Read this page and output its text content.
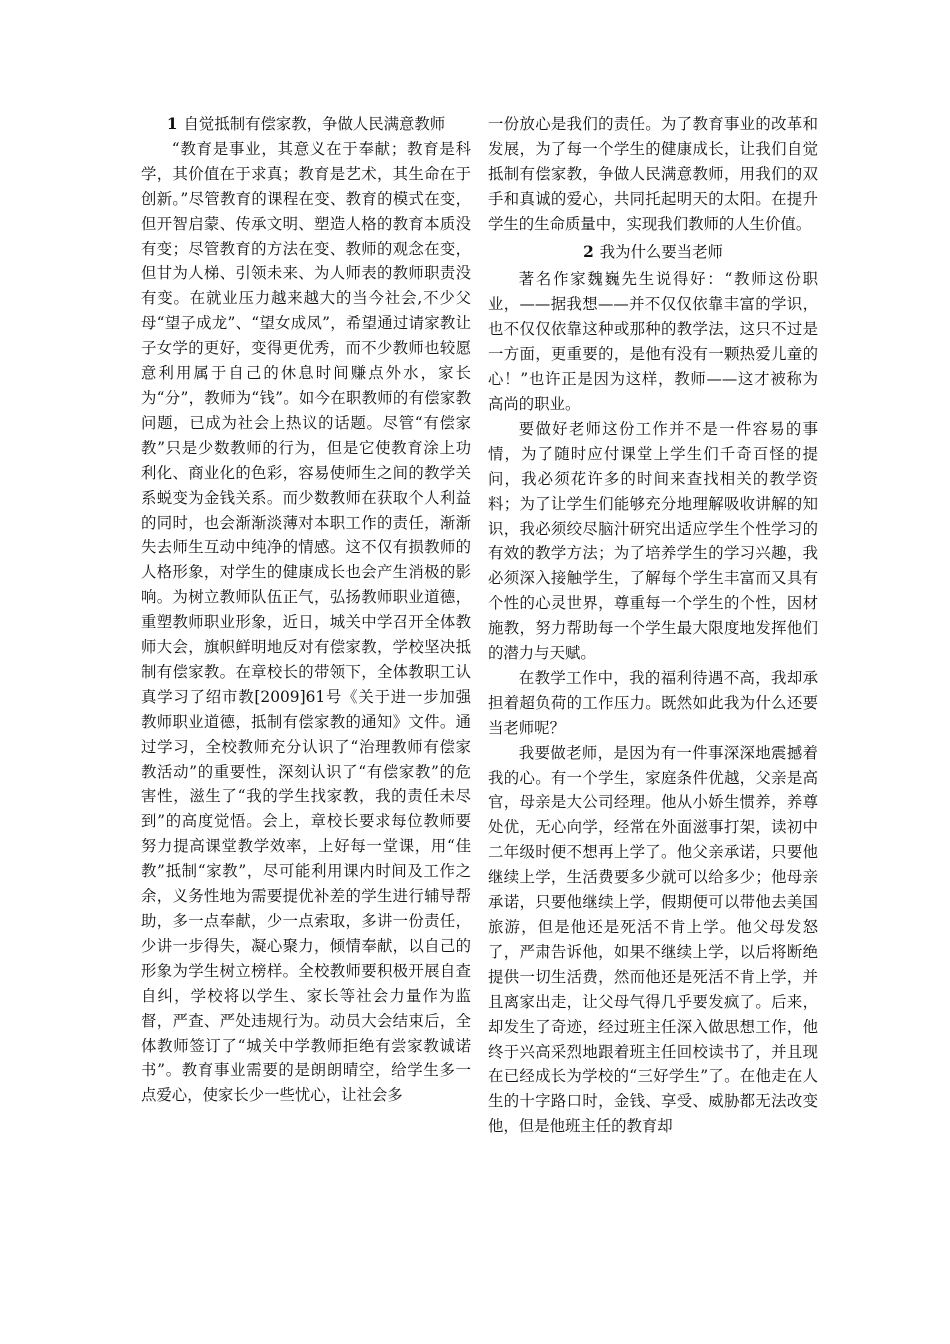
1 自觉抵制有偿家教，争做人民满意教师

“教育是事业，其意义在于奉献；教育是科学，其价值在于求真；教育是艺术，其生命在于创新。”尽管教育的课程在变、教育的模式在变，但开智启蒙、传承文明、塑造人格的教育本质没有变；尽管教育的方法在变、教师的观念在变，但甘为人梯、引领未来、为人师表的教师职责没有变。在就业压力越来越大的当今社会,不少父母“望子成龙”、“望女成凤”，希望通过请家教让子女学的更好，变得更优秀，而不少教师也较愿意利用属于自己的休息时间赚点外水，家长为“分”，教师为“钱”。如今在职教师的有偿家教问题，已成为社会上热议的话题。尽管“有偿家教”只是少数教师的行为，但是它使教育涂上功利化、商业化的色彩，容易使师生之间的教学关系蜕变为金钱关系。而少数教师在获取个人利益的同时，也会渐渐淡薄对本职工作的责任，渐渐失去师生互动中纯净的情感。这不仅有损教师的人格形象，对学生的健康成长也会产生消极的影响。为树立教师队伍正气，弘扬教师职业道德，重塑教师职业形象，近日，城关中学召开全体教师大会，旗帜鲜明地反对有偿家教，学校坚决抵制有偿家教。在章校长的带领下，全体教职工认真学习了绍市教[2009]61号《关于进一步加强教师职业道德，抵制有偿家教的通知》文件。通过学习，全校教师充分认识了“治理教师有偿家教活动”的重要性，深刻认识了“有偿家教”的危害性，滋生了“我的学生找家教，我的责任未尽到”的高度觉悟。会上，章校长要求每位教师要努力提高课堂教学效率，上好每一堂课，用“佳教”抵制“家教”，尽可能利用课内时间及工作之余，义务性地为需要提优补差的学生进行辅导帮助，多一点奉献，少一点索取，多讲一份责任，少讲一步得失，凝心聚力，倾情奉献，以自己的形象为学生树立榜样。全校教师要积极开展自查自纠，学校将以学生、家长等社会力量作为监督，严查、严处违规行为。动员大会结束后，全体教师签订了“城关中学教师拒绝有尝家教诚诺书”。教育事业需要的是朗朗晴空，给学生多一点爱心，使家长少一些忧心，让社会多

一份放心是我们的责任。为了教育事业的改革和发展，为了每一个学生的健康成长，让我们自觉抵制有偿家教，争做人民满意教师，用我们的双手和真诚的爱心，共同托起明天的太阳。在提升学生的生命质量中，实现我们教师的人生价值。

2 我为什么要当老师

著名作家魏巍先生说得好：“教师这份职业，——据我想——并不仅仅依靠丰富的学识，也不仅仅依靠这种或那种的教学法，这只不过是一方面，更重要的，是他有没有一颗热爱儿童的心！”也许正是因为这样，教师——这才被称为高尚的职业。

要做好老师这份工作并不是一件容易的事情，为了随时应付课堂上学生们千奇百怪的提问，我必须花许多的时间来查找相关的教学资料；为了让学生们能够充分地理解吸收讲解的知识，我必须绞尽脑汁研究出适应学生个性学习的有效的教学方法；为了培养学生的学习兴趣，我必须深入接触学生，了解每个学生丰富而又具有个性的心灵世界，尊重每一个学生的个性，因材施教，努力帮助每一个学生最大限度地发挥他们的潜力与天赋。

在教学工作中，我的福利待遇不高，我却承担着超负荷的工作压力。既然如此我为什么还要当老师呢？

我要做老师，是因为有一件事深深地震撼着我的心。有一个学生，家庭条件优越，父亲是高官，母亲是大公司经理。他从小娇生惯养，养尊处优，无心向学，经常在外面滋事打架，读初中二年级时便不想再上学了。他父亲承诺，只要他继续上学，生活费要多少就可以给多少；他母亲承诺，只要他继续上学，假期便可以带他去美国旅游，但是他还是死活不肯上学。他父母发怒了，严肃告诉他，如果不继续上学，以后将断绝提供一切生活费，然而他还是死活不肯上学，并且离家出走，让父母气得几乎要发疯了。后来，却发生了奇迹，经过班主任深入做思想工作，他终于兴高采烈地跟着班主任回校读书了，并且现在已经成长为学校的“三好学生”了。在他走在人生的十字路口时，金钱、享受、威胁都无法改变他，但是他班主任的教育却
